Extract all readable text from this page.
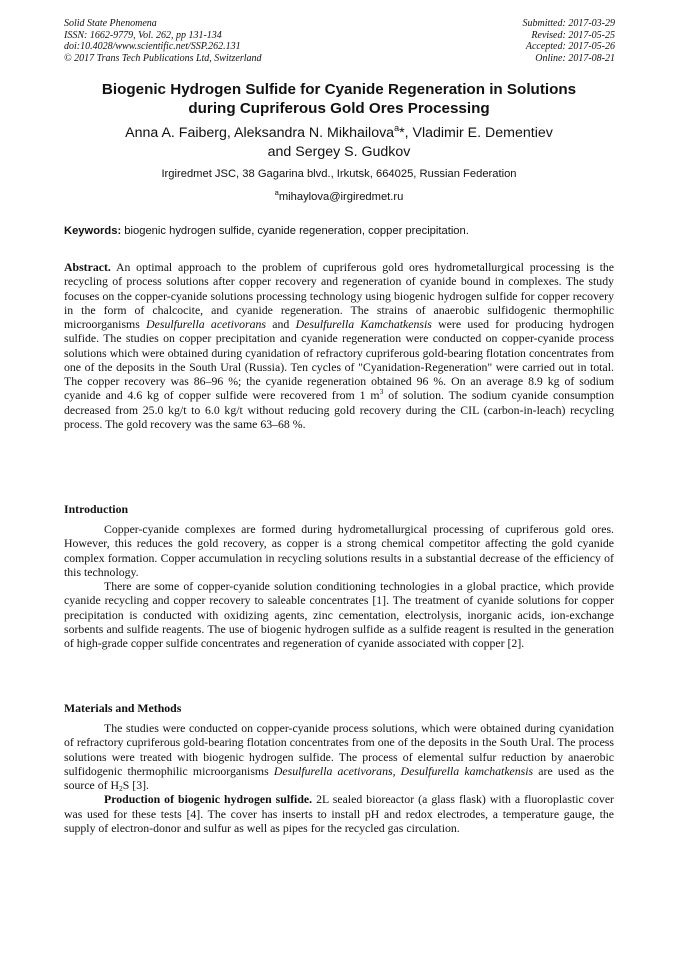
Solid State Phenomena
ISSN: 1662-9779, Vol. 262, pp 131-134
doi:10.4028/www.scientific.net/SSP.262.131
© 2017 Trans Tech Publications Ltd, Switzerland
Submitted: 2017-03-29
Revised: 2017-05-25
Accepted: 2017-05-26
Online: 2017-08-21
Biogenic Hydrogen Sulfide for Cyanide Regeneration in Solutions
during Cupriferous Gold Ores Processing
Anna A. Faiberg, Aleksandra N. Mikhailova$^a$*, Vladimir E. Dementiev
and Sergey S. Gudkov
Irgiredmet JSC, 38 Gagarina blvd., Irkutsk, 664025, Russian Federation
$^a$mihaylova@irgiredmet.ru
Keywords: biogenic hydrogen sulfide, cyanide regeneration, copper precipitation.
Abstract. An optimal approach to the problem of cupriferous gold ores hydrometallurgical processing is the recycling of process solutions after copper recovery and regeneration of cyanide bound in complexes. The study focuses on the copper-cyanide solutions processing technology using biogenic hydrogen sulfide for copper recovery in the form of chalcocite, and cyanide regeneration. The strains of anaerobic sulfidogenic thermophilic microorganisms Desulfurella acetivorans and Desulfurella Kamchatkensis were used for producing hydrogen sulfide. The studies on copper precipitation and cyanide regeneration were conducted on copper-cyanide process solutions which were obtained during cyanidation of refractory cupriferous gold-bearing flotation concentrates from one of the deposits in the South Ural (Russia). Ten cycles of "Cyanidation-Regeneration" were carried out in total. The copper recovery was 86–96 %; the cyanide regeneration obtained 96 %. On an average 8.9 kg of sodium cyanide and 4.6 kg of copper sulfide were recovered from 1 $m^3$ of solution. The sodium cyanide consumption decreased from 25.0 kg/t to 6.0 kg/t without reducing gold recovery during the CIL (carbon-in-leach) recycling process. The gold recovery was the same 63–68 %.
Introduction

Copper-cyanide complexes are formed during hydrometallurgical processing of cupriferous gold ores. However, this reduces the gold recovery, as copper is a strong chemical competitor affecting the gold cyanide complex formation. Copper accumulation in recycling solutions results in a substantial decrease of the efficiency of this technology.

There are some of copper-cyanide solution conditioning technologies in a global practice, which provide cyanide recycling and copper recovery to saleable concentrates [1]. The treatment of cyanide solutions for copper precipitation is conducted with oxidizing agents, zinc cementation, electrolysis, inorganic acids, ion-exchange sorbents and sulfide reagents. The use of biogenic hydrogen sulfide as a sulfide reagent is resulted in the generation of high-grade copper sulfide concentrates and regeneration of cyanide associated with copper [2].

Materials and Methods

The studies were conducted on copper-cyanide process solutions, which were obtained during cyanidation of refractory cupriferous gold-bearing flotation concentrates from one of the deposits in the South Ural. The process solutions were treated with biogenic hydrogen sulfide. The process of elemental sulfur reduction by anaerobic sulfidogenic thermophilic microorganisms Desulfurella acetivorans, Desulfurella kamchatkensis are used as the source of $H_2S$ [3].

Production of biogenic hydrogen sulfide. 2L sealed bioreactor (a glass flask) with a fluoroplastic cover was used for these tests [4]. The cover has inserts to install pH and redox electrodes, a temperature gauge, the supply of electron-donor and sulfur as well as pipes for the recycled gas circulation.
